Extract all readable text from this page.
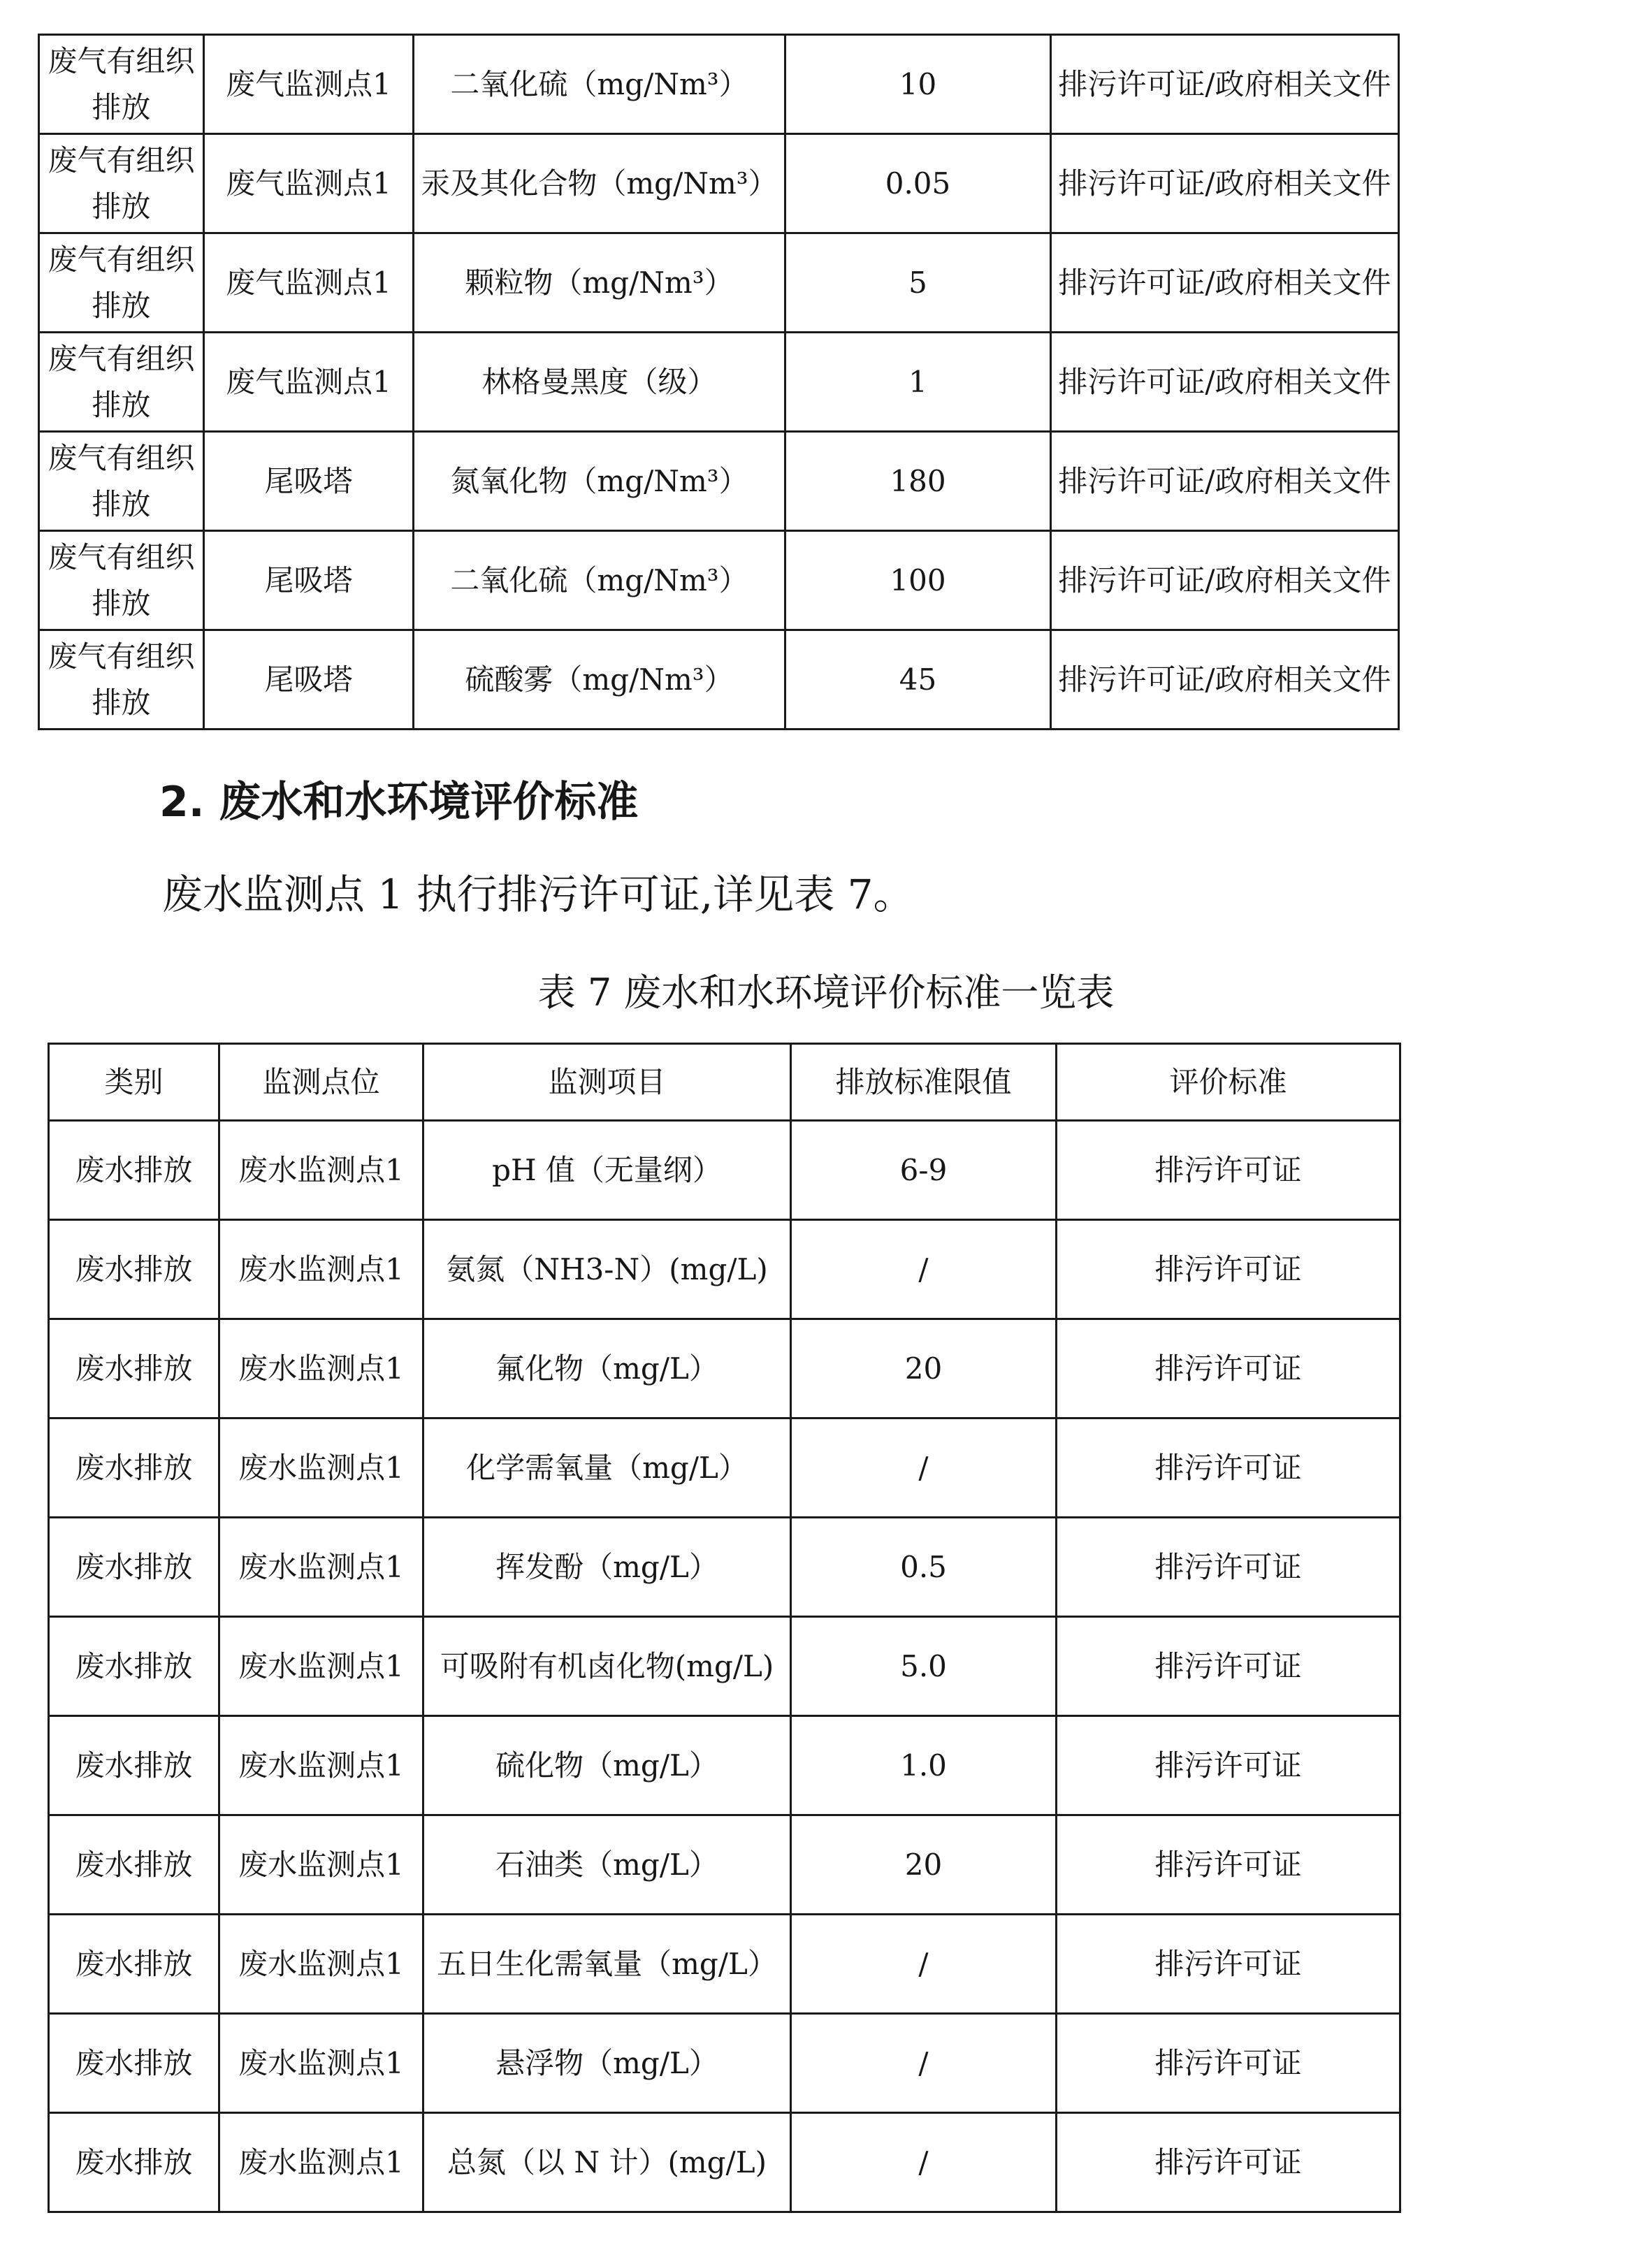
废气有组织排放	废气监测点1	二氧化硫（mg/Nm³）	10	排污许可证/政府相关文件
废气有组织排放	废气监测点1	汞及其化合物（mg/Nm³）	0.05	排污许可证/政府相关文件
废气有组织排放	废气监测点1	颗粒物（mg/Nm³）	5	排污许可证/政府相关文件
废气有组织排放	废气监测点1	林格曼黑度（级）	1	排污许可证/政府相关文件
废气有组织排放	尾吸塔	氮氧化物（mg/Nm³）	180	排污许可证/政府相关文件
废气有组织排放	尾吸塔	二氧化硫（mg/Nm³）	100	排污许可证/政府相关文件
废气有组织排放	尾吸塔	硫酸雾（mg/Nm³）	45	排污许可证/政府相关文件
2. 废水和水环境评价标准

废水监测点 1 执行排污许可证,详见表 7。

表 7 废水和水环境评价标准一览表

类别	监测点位	监测项目	排放标准限值	评价标准
废水排放	废水监测点1	pH 值（无量纲）	6-9	排污许可证
废水排放	废水监测点1	氨氮（NH3-N）(mg/L)	/	排污许可证
废水排放	废水监测点1	氟化物（mg/L）	20	排污许可证
废水排放	废水监测点1	化学需氧量（mg/L）	/	排污许可证
废水排放	废水监测点1	挥发酚（mg/L）	0.5	排污许可证
废水排放	废水监测点1	可吸附有机卤化物(mg/L)	5.0	排污许可证
废水排放	废水监测点1	硫化物（mg/L）	1.0	排污许可证
废水排放	废水监测点1	石油类（mg/L）	20	排污许可证
废水排放	废水监测点1	五日生化需氧量（mg/L）	/	排污许可证
废水排放	废水监测点1	悬浮物（mg/L）	/	排污许可证
废水排放	废水监测点1	总氮（以 N 计）(mg/L)	/	排污许可证
